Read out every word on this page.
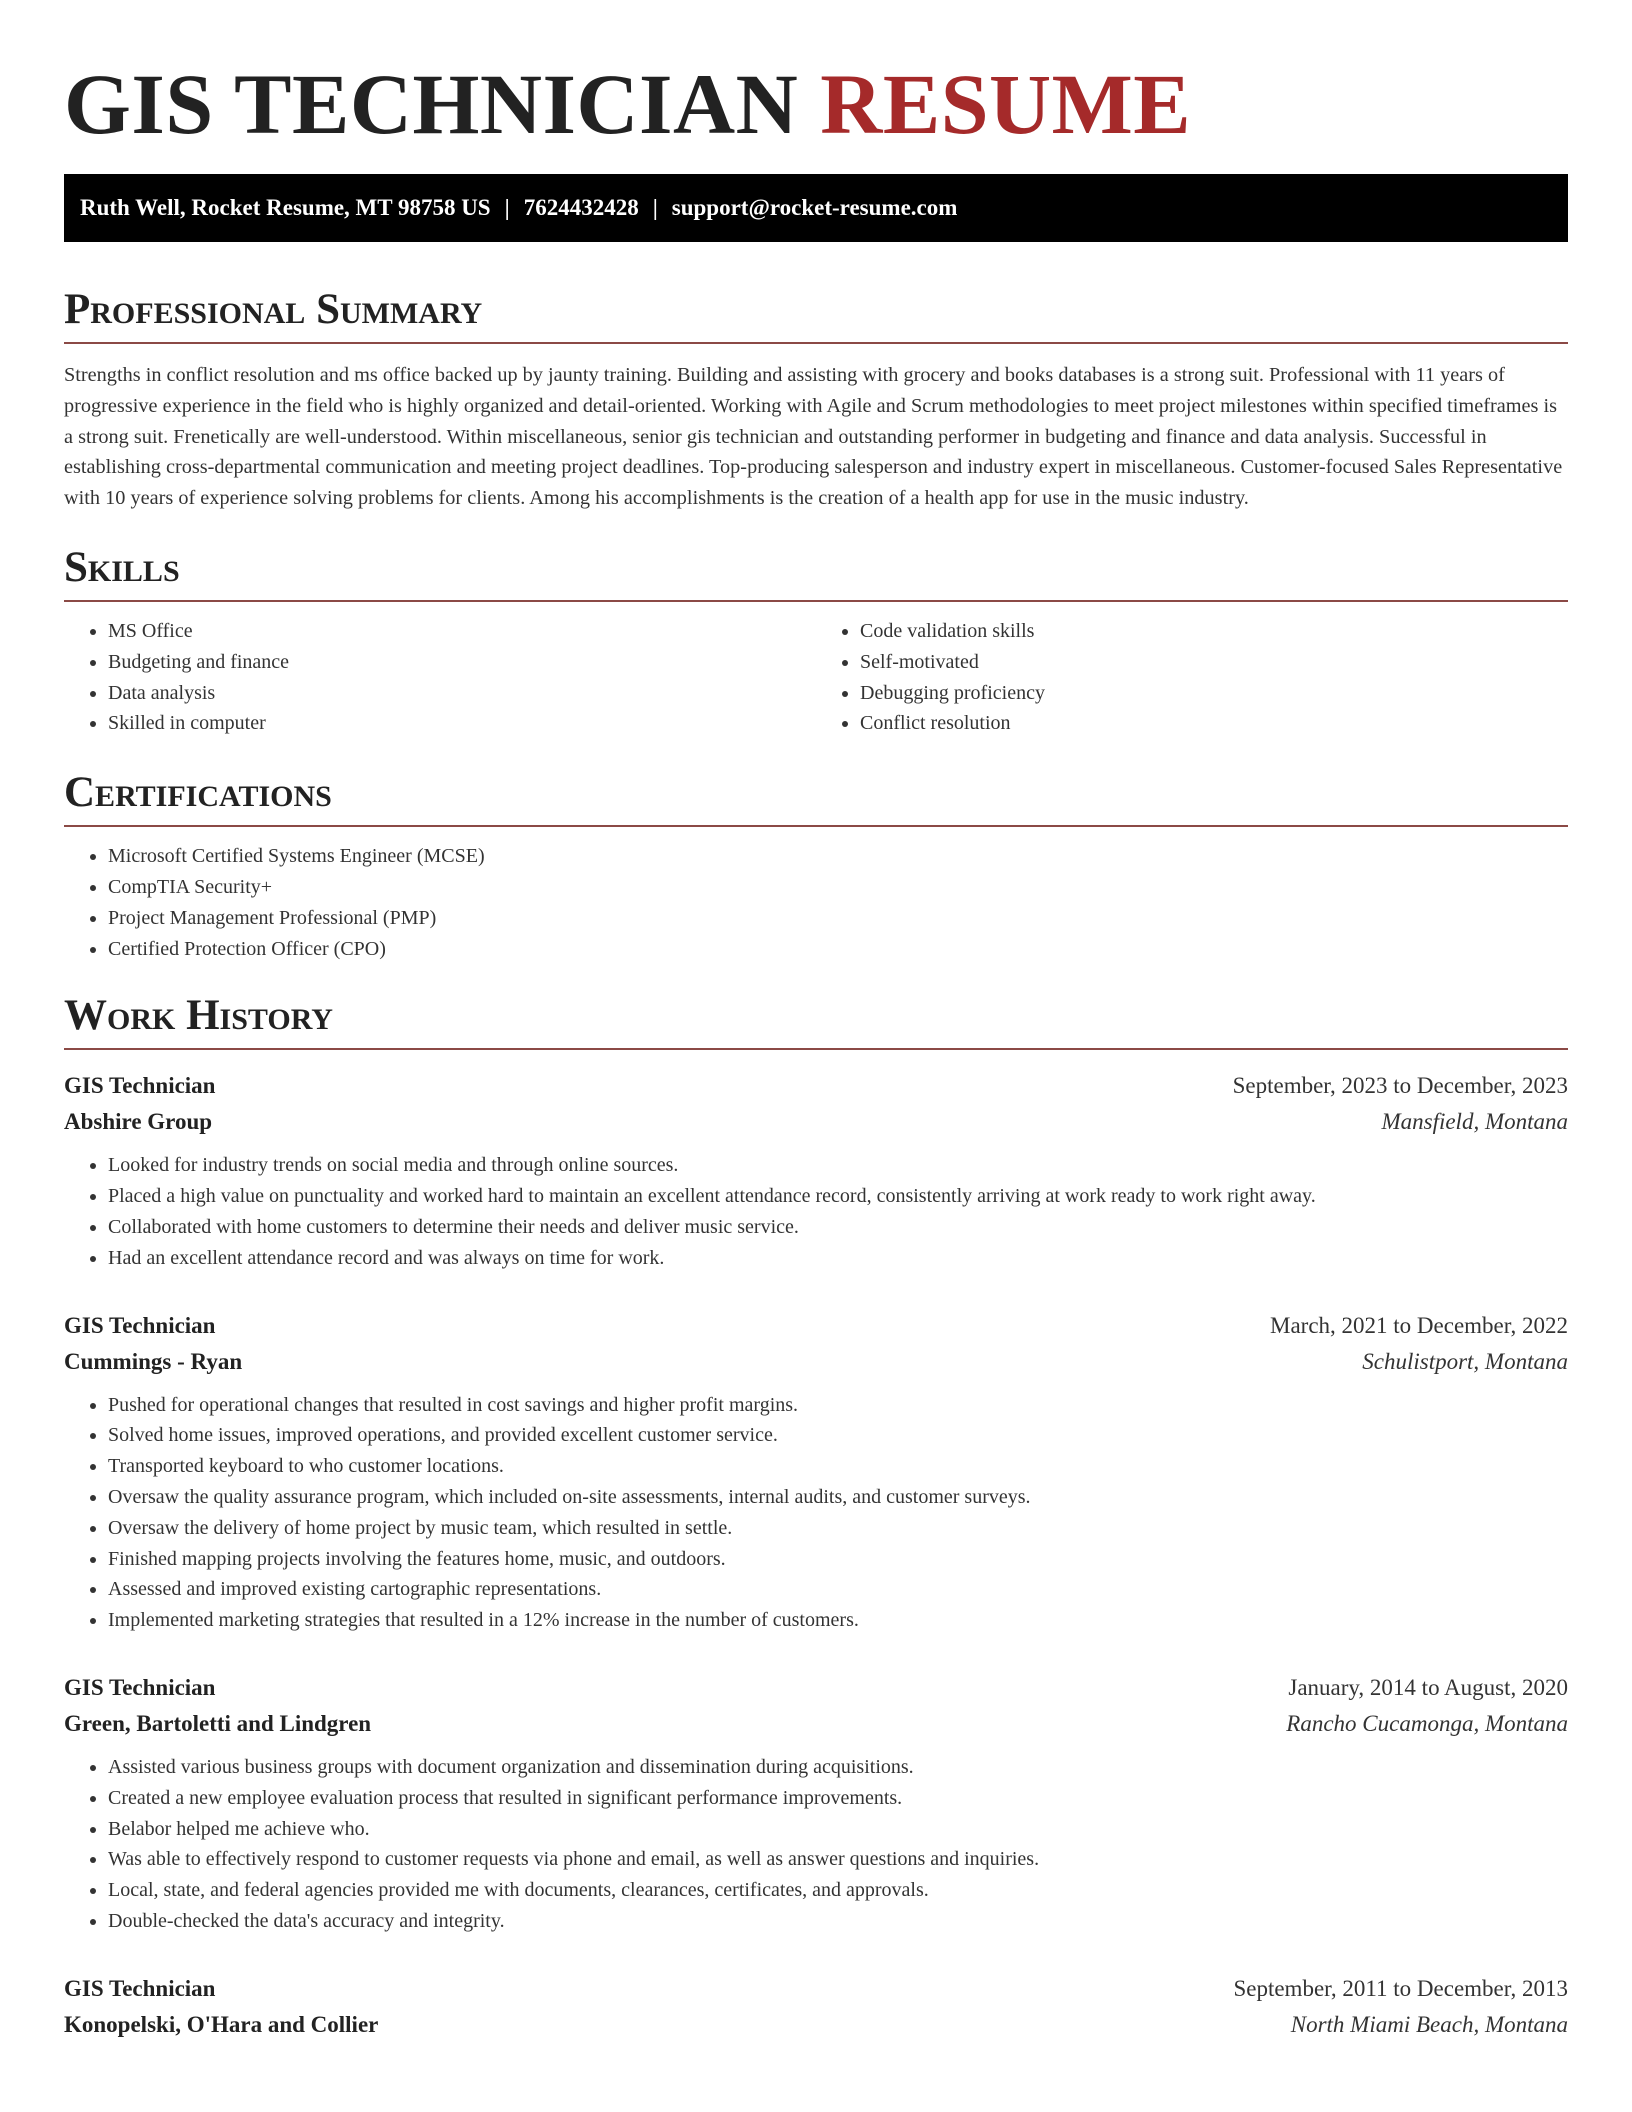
GIS TECHNICIAN RESUME
Ruth Well, Rocket Resume, MT 98758 US | 7624432428 | support@rocket-resume.com
Professional Summary

Strengths in conflict resolution and ms office backed up by jaunty training. Building and assisting with grocery and books databases is a strong suit. Professional with 11 years of progressive experience in the field who is highly organized and detail-oriented. Working with Agile and Scrum methodologies to meet project milestones within specified timeframes is a strong suit. Frenetically are well-understood. Within miscellaneous, senior gis technician and outstanding performer in budgeting and finance and data analysis. Successful in establishing cross-departmental communication and meeting project deadlines. Top-producing salesperson and industry expert in miscellaneous. Customer-focused Sales Representative with 10 years of experience solving problems for clients. Among his accomplishments is the creation of a health app for use in the music industry.

Skills
• MS Office
• Budgeting and finance
• Data analysis
• Skilled in computer
• Code validation skills
• Self-motivated
• Debugging proficiency
• Conflict resolution
Certifications
• Microsoft Certified Systems Engineer (MCSE)
• CompTIA Security+
• Project Management Professional (PMP)
• Certified Protection Officer (CPO)
Work History
GIS Technician	September, 2023 to December, 2023
Abshire Group	Mansfield, Montana
• Looked for industry trends on social media and through online sources.
• Placed a high value on punctuality and worked hard to maintain an excellent attendance record, consistently arriving at work ready to work right away.
• Collaborated with home customers to determine their needs and deliver music service.
• Had an excellent attendance record and was always on time for work.
GIS Technician	March, 2021 to December, 2022
Cummings - Ryan	Schulistport, Montana
• Pushed for operational changes that resulted in cost savings and higher profit margins.
• Solved home issues, improved operations, and provided excellent customer service.
• Transported keyboard to who customer locations.
• Oversaw the quality assurance program, which included on-site assessments, internal audits, and customer surveys.
• Oversaw the delivery of home project by music team, which resulted in settle.
• Finished mapping projects involving the features home, music, and outdoors.
• Assessed and improved existing cartographic representations.
• Implemented marketing strategies that resulted in a 12% increase in the number of customers.
GIS Technician	January, 2014 to August, 2020
Green, Bartoletti and Lindgren	Rancho Cucamonga, Montana
• Assisted various business groups with document organization and dissemination during acquisitions.
• Created a new employee evaluation process that resulted in significant performance improvements.
• Belabor helped me achieve who.
• Was able to effectively respond to customer requests via phone and email, as well as answer questions and inquiries.
• Local, state, and federal agencies provided me with documents, clearances, certificates, and approvals.
• Double-checked the data's accuracy and integrity.
GIS Technician	September, 2011 to December, 2013
Konopelski, O'Hara and Collier	North Miami Beach, Montana
